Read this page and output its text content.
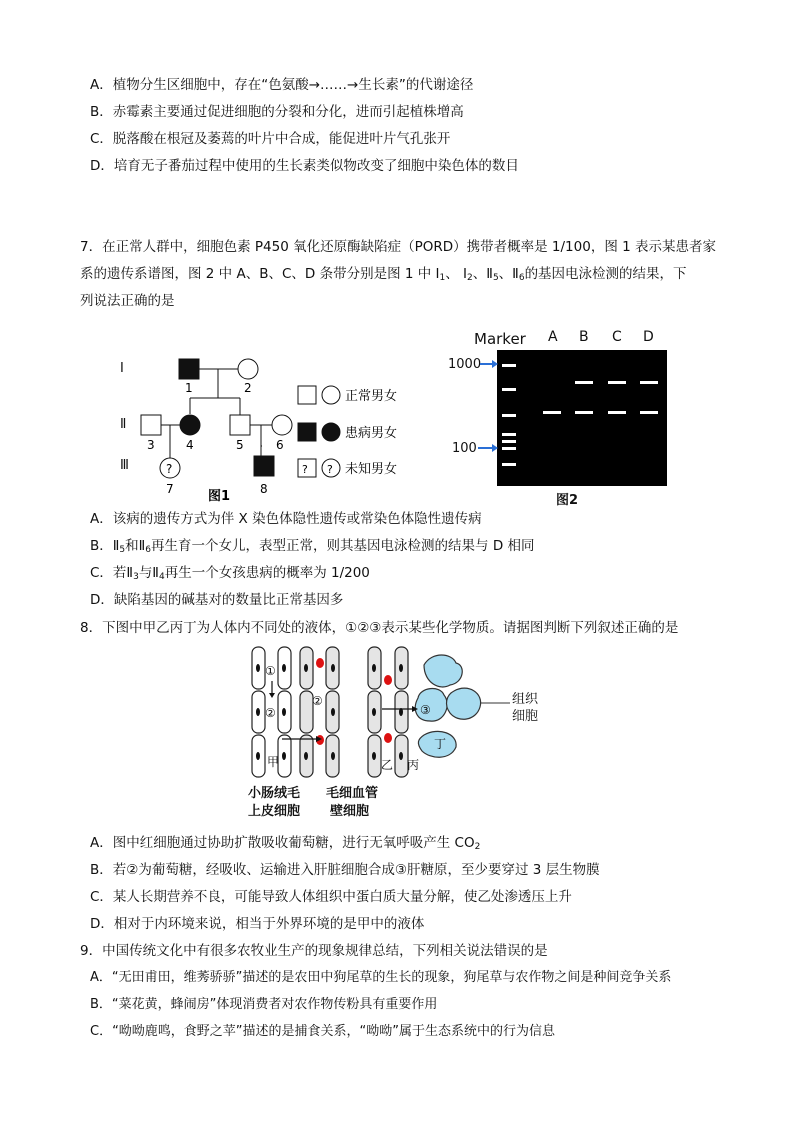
A．植物分生区细胞中，存在“色氨酸→……→生长素”的代谢途径
B．赤霉素主要通过促进细胞的分裂和分化，进而引起植株增高
C．脱落酸在根冠及萎蔫的叶片中合成，能促进叶片气孔张开
D．培育无子番茄过程中使用的生长素类似物改变了细胞中染色体的数目
7．在正常人群中，细胞色素 P450 氧化还原酶缺陷症（PORD）携带者概率是 1/100，图 1 表示某患者家
系的遗传系谱图，图 2 中 A、B、C、D 条带分别是图 1 中 $Ⅰ_1$、 $Ⅰ_2$、$Ⅱ_5$、$Ⅱ_6$的基因电泳检测的结果，下
列说法正确的是
Ⅰ
Ⅱ
Ⅲ
1	2
3	4	5	6
?
7	8
正常男女
患病男女
? ? 未知男女
图1
Marker A B C D
1000
100
图2
A．该病的遗传方式为伴 X 染色体隐性遗传或常染色体隐性遗传病
B．$Ⅱ_5$和$Ⅱ_6$再生育一个女儿，表型正常，则其基因电泳检测的结果与 D 相同
C．若$Ⅱ_3$与$Ⅱ_4$再生一个女孩患病的概率为 1/200
D．缺陷基因的碱基对的数量比正常基因多
8．下图中甲乙丙丁为人体内不同处的液体，①②③表示某些化学物质。请据图判断下列叙述正确的是
①
②
②
③
甲	乙 丙
丁
组织
细胞
小肠绒毛
上皮细胞
毛细血管
壁细胞
A．图中红细胞通过协助扩散吸收葡萄糖，进行无氧呼吸产生 $CO_2$
B．若②为葡萄糖，经吸收、运输进入肝脏细胞合成③肝糖原，至少要穿过 3 层生物膜
C．某人长期营养不良，可能导致人体组织中蛋白质大量分解，使乙处渗透压上升
D．相对于内环境来说，相当于外界环境的是甲中的液体
9．中国传统文化中有很多农牧业生产的现象规律总结，下列相关说法错误的是
A．“无田甫田，维莠骄骄”描述的是农田中狗尾草的生长的现象，狗尾草与农作物之间是种间竞争关系
B．“菜花黄，蜂闹房”体现消费者对农作物传粉具有重要作用
C．“呦呦鹿鸣，食野之苹”描述的是捕食关系，“呦呦”属于生态系统中的行为信息
